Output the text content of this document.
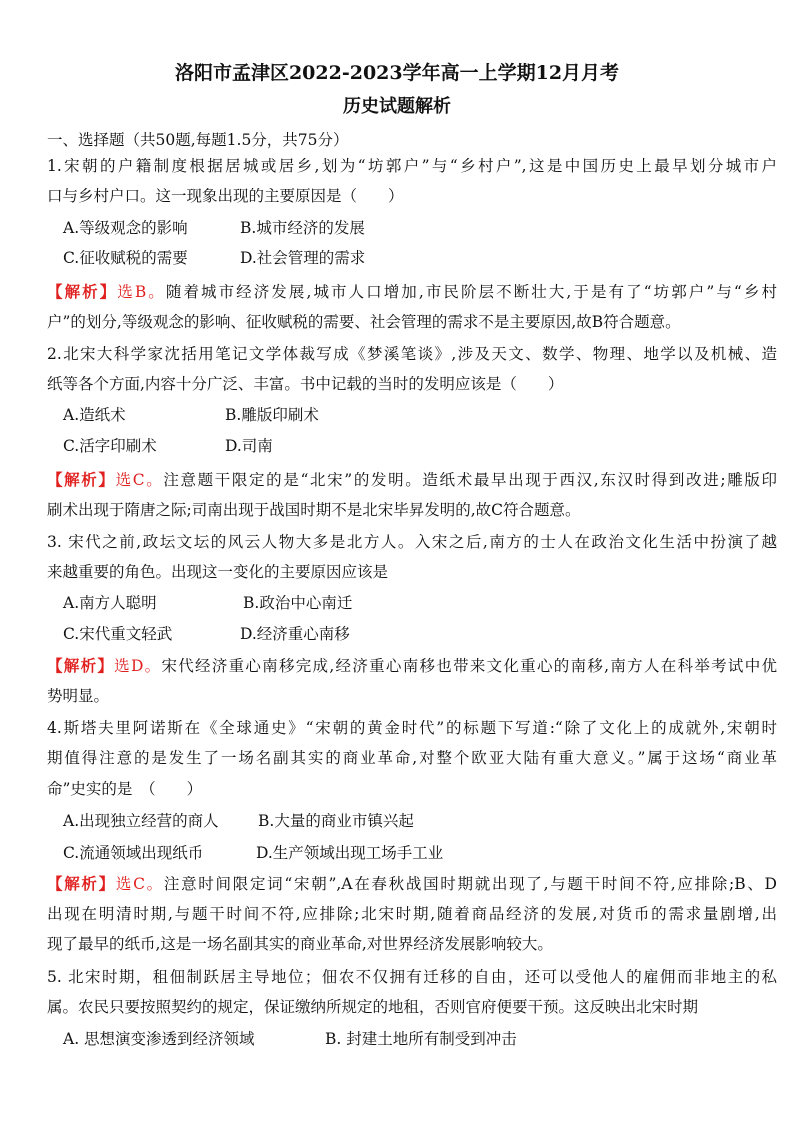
洛阳市孟津区2022-2023学年高一上学期12月月考
历史试题解析
一、选择题（共50题,每题1.5分，共75分）
1.宋朝的户籍制度根据居城或居乡,划为“坊郭户”与“乡村户”,这是中国历史上最早划分城市户
口与乡村户口。这一现象出现的主要原因是（　　）
A.等级观念的影响	B.城市经济的发展
C.征收赋税的需要	D.社会管理的需求
【解析】选B。随着城市经济发展,城市人口增加,市民阶层不断壮大,于是有了“坊郭户”与“乡村
户”的划分,等级观念的影响、征收赋税的需要、社会管理的需求不是主要原因,故B符合题意。
2.北宋大科学家沈括用笔记文学体裁写成《梦溪笔谈》,涉及天文、数学、物理、地学以及机械、造
纸等各个方面,内容十分广泛、丰富。书中记载的当时的发明应该是（　　）
A.造纸术	B.雕版印刷术
C.活字印刷术	D.司南
【解析】选C。注意题干限定的是“北宋”的发明。造纸术最早出现于西汉,东汉时得到改进;雕版印
刷术出现于隋唐之际;司南出现于战国时期不是北宋毕昇发明的,故C符合题意。
3. 宋代之前,政坛文坛的风云人物大多是北方人。入宋之后,南方的士人在政治文化生活中扮演了越
来越重要的角色。出现这一变化的主要原因应该是
A.南方人聪明	B.政治中心南迁
C.宋代重文轻武	D.经济重心南移
【解析】选D。宋代经济重心南移完成,经济重心南移也带来文化重心的南移,南方人在科举考试中优
势明显。
4.斯塔夫里阿诺斯在《全球通史》“宋朝的黄金时代”的标题下写道:“除了文化上的成就外,宋朝时
期值得注意的是发生了一场名副其实的商业革命,对整个欧亚大陆有重大意义。”属于这场“商业革
命”史实的是　（　　）
A.出现独立经营的商人	B.大量的商业市镇兴起
C.流通领域出现纸币	D.生产领域出现工场手工业
【解析】选C。注意时间限定词“宋朝”,A在春秋战国时期就出现了,与题干时间不符,应排除;B、D
出现在明清时期,与题干时间不符,应排除;北宋时期,随着商品经济的发展,对货币的需求量剧增,出
现了最早的纸币,这是一场名副其实的商业革命,对世界经济发展影响较大。
5. 北宋时期，租佃制跃居主导地位；佃农不仅拥有迁移的自由，还可以受他人的雇佣而非地主的私
属。农民只要按照契约的规定，保证缴纳所规定的地租，否则官府便要干预。这反映出北宋时期
A. 思想演变渗透到经济领域	B. 封建土地所有制受到冲击
